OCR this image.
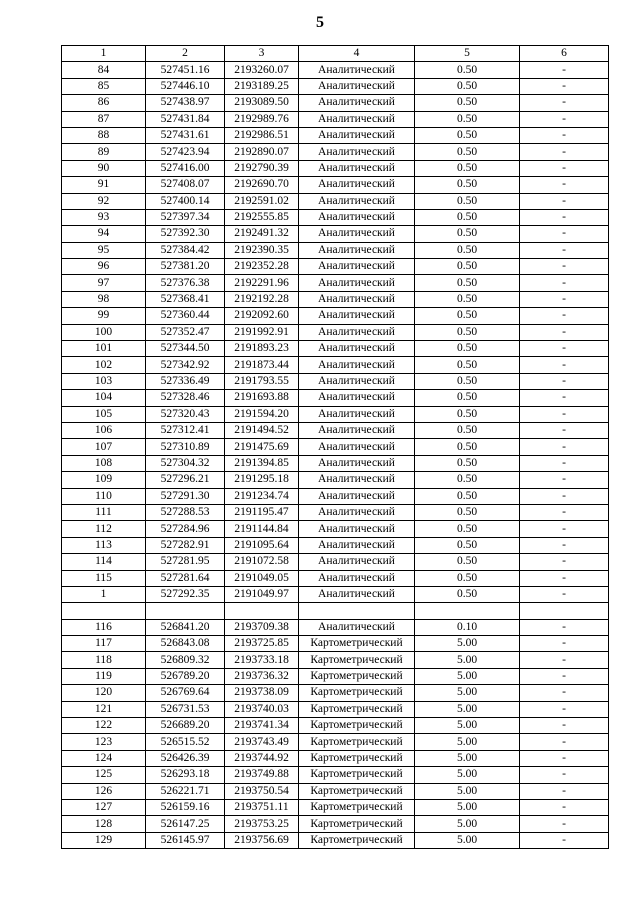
5
1	2	3	4	5	6
84	527451.16	2193260.07	Аналитический	0.50	-
85	527446.10	2193189.25	Аналитический	0.50	-
86	527438.97	2193089.50	Аналитический	0.50	-
87	527431.84	2192989.76	Аналитический	0.50	-
88	527431.61	2192986.51	Аналитический	0.50	-
89	527423.94	2192890.07	Аналитический	0.50	-
90	527416.00	2192790.39	Аналитический	0.50	-
91	527408.07	2192690.70	Аналитический	0.50	-
92	527400.14	2192591.02	Аналитический	0.50	-
93	527397.34	2192555.85	Аналитический	0.50	-
94	527392.30	2192491.32	Аналитический	0.50	-
95	527384.42	2192390.35	Аналитический	0.50	-
96	527381.20	2192352.28	Аналитический	0.50	-
97	527376.38	2192291.96	Аналитический	0.50	-
98	527368.41	2192192.28	Аналитический	0.50	-
99	527360.44	2192092.60	Аналитический	0.50	-
100	527352.47	2191992.91	Аналитический	0.50	-
101	527344.50	2191893.23	Аналитический	0.50	-
102	527342.92	2191873.44	Аналитический	0.50	-
103	527336.49	2191793.55	Аналитический	0.50	-
104	527328.46	2191693.88	Аналитический	0.50	-
105	527320.43	2191594.20	Аналитический	0.50	-
106	527312.41	2191494.52	Аналитический	0.50	-
107	527310.89	2191475.69	Аналитический	0.50	-
108	527304.32	2191394.85	Аналитический	0.50	-
109	527296.21	2191295.18	Аналитический	0.50	-
110	527291.30	2191234.74	Аналитический	0.50	-
111	527288.53	2191195.47	Аналитический	0.50	-
112	527284.96	2191144.84	Аналитический	0.50	-
113	527282.91	2191095.64	Аналитический	0.50	-
114	527281.95	2191072.58	Аналитический	0.50	-
115	527281.64	2191049.05	Аналитический	0.50	-
1	527292.35	2191049.97	Аналитический	0.50	-

116	526841.20	2193709.38	Аналитический	0.10	-
117	526843.08	2193725.85	Картометрический	5.00	-
118	526809.32	2193733.18	Картометрический	5.00	-
119	526789.20	2193736.32	Картометрический	5.00	-
120	526769.64	2193738.09	Картометрический	5.00	-
121	526731.53	2193740.03	Картометрический	5.00	-
122	526689.20	2193741.34	Картометрический	5.00	-
123	526515.52	2193743.49	Картометрический	5.00	-
124	526426.39	2193744.92	Картометрический	5.00	-
125	526293.18	2193749.88	Картометрический	5.00	-
126	526221.71	2193750.54	Картометрический	5.00	-
127	526159.16	2193751.11	Картометрический	5.00	-
128	526147.25	2193753.25	Картометрический	5.00	-
129	526145.97	2193756.69	Картометрический	5.00	-
